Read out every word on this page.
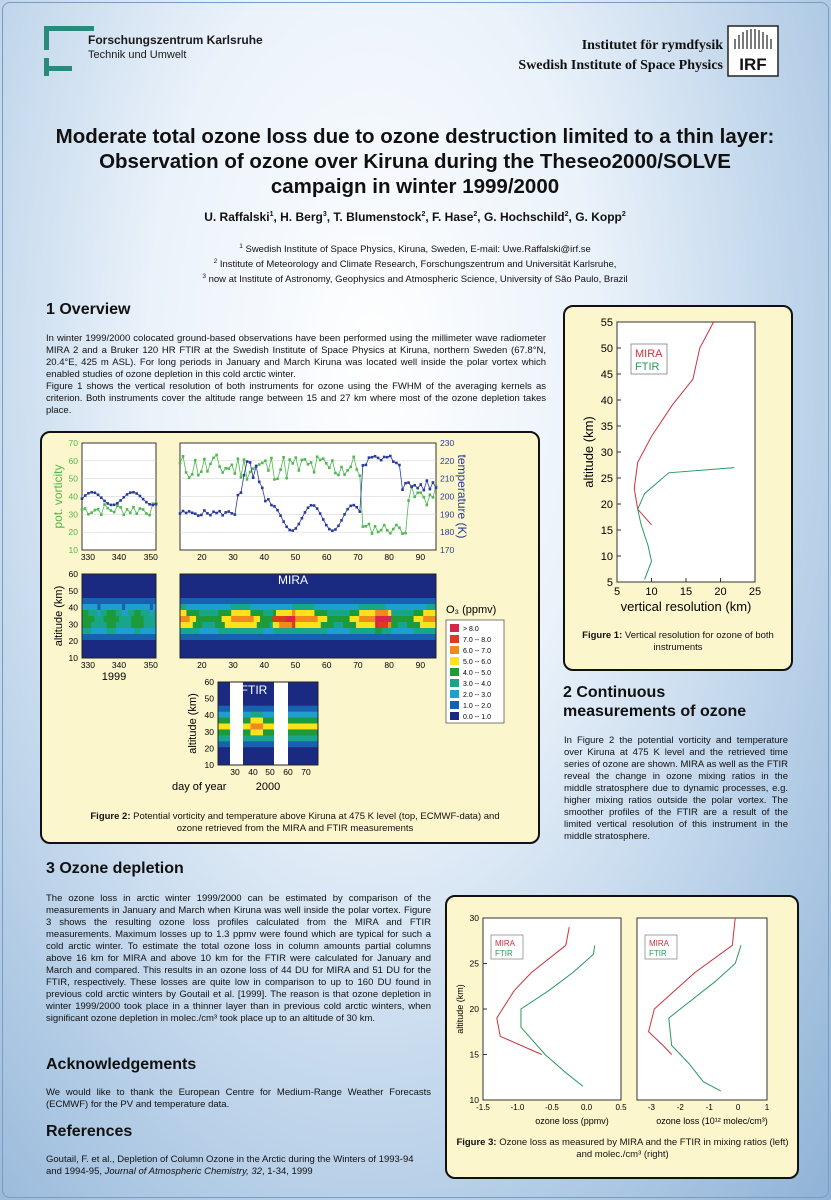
Forschungszentrum Karlsruhe
Technik und Umwelt
Institutet för rymdfysik
Swedish Institute of Space Physics IRF
Moderate total ozone loss due to ozone destruction limited to a thin layer:
Observation of ozone over Kiruna during the Theseo2000/SOLVE
campaign in winter 1999/2000
U. Raffalski$^1$, H. Berg$^3$, T. Blumenstock$^2$, F. Hase$^2$, G. Hochschild$^2$, G. Kopp$^2$
$^1$ Swedish Institute of Space Physics, Kiruna, Sweden, E-mail: Uwe.Raffalski@irf.se
$^2$ Institute of Meteorology and Climate Research, Forschungszentrum and Universität Karlsruhe,
$^3$ now at Institute of Astronomy, Geophysics and Atmospheric Science, University of São Paulo, Brazil
1 Overview
In winter 1999/2000 colocated ground-based observations have been performed using the millimeter wave radiometer MIRA 2 and a Bruker 120 HR FTIR at the Swedish Institute of Space Physics at Kiruna, northern Sweden (67.8°N, 20.4°E, 425 m ASL). For long periods in January and March Kiruna was located well inside the polar vortex which enabled studies of ozone depletion in this cold arctic winter.
Figure 1 shows the vertical resolution of both instruments for ozone using the FWHM of the averaging kernels as criterion. Both instruments cover the altitude range between 15 and 27 km where most of the ozone depletion takes place.
5
10
15
20
25
30
35
40
45
50
55
5 10 15 20 25
vertical resolution (km)
altitude (km)
MIRA
FTIR
Figure 1: Vertical resolution for ozone of both instruments
70
60
50
40
30
20
10
230
220
210
200
190
180
170
pot. vorticity	temperature (K)
330 340 350	20	30	40	50	60	70	80	90
MIRA
60
50
40
30
20
10
altitude (km)
330 340 350	20	30	40	50	60	70	80	90
1999
O₃ (ppmv)
> 8.0
7.0 -- 8.0
6.0 -- 7.0
5.0 -- 6.0
4.0 -- 5.0
3.0 -- 4.0
2.0 -- 3.0
1.0 -- 2.0
0.0 -- 1.0
FTIR
60
50
40
30
20
10
altitude (km)
30 40 50 60 70
day of year	2000
Figure 2: Potential vorticity and temperature above Kiruna at 475 K level (top, ECMWF-data) and ozone retrieved from the MIRA and FTIR measurements
2 Continuous
measurements of ozone
In Figure 2 the potential vorticity and temperature over Kiruna at 475 K level and the retrieved time series of ozone are shown. MIRA as well as the FTIR reveal the change in ozone mixing ratios in the middle stratosphere due to dynamic processes, e.g. higher mixing ratios outside the polar vortex. The smoother profiles of the FTIR are a result of the limited vertical resolution of this instrument in the middle stratosphere.
3 Ozone depletion
The ozone loss in arctic winter 1999/2000 can be estimated by comparison of the measurements in January and March when Kiruna was well inside the polar vortex. Figure 3 shows the resulting ozone loss profiles calculated from the MIRA and FTIR measurements. Maximum losses up to 1.3 ppmv were found which are typical for such a cold arctic winter. To estimate the total ozone loss in column amounts partial columns above 16 km for MIRA and above 10 km for the FTIR were calculated for January and March and compared. This results in an ozone loss of 44 DU for MIRA and 51 DU for the FTIR, respectively. These losses are quite low in comparison to up to 160 DU found in previous cold arctic winters by Goutail et al. [1999]. The reason is that ozone depletion in winter 1999/2000 took place in a thinner layer than in previous cold arctic winters, when significant ozone depletion in molec./cm³ took place up to an altitude of 30 km.
Acknowledgements
We would like to thank the European Centre for Medium-Range Weather Forecasts (ECMWF) for the PV and temperature data.
References
Goutail, F. et al., Depletion of Column Ozone in the Arctic during the Winters of 1993-94 and 1994-95, Journal of Atmospheric Chemistry, 32, 1-34, 1999
30
25
20
15
10
altitude (km)
-1.5	-1.0	-0.5	0.0	0.5	-3	-2	-1	0	1
ozone loss (ppmv)	ozone loss (10¹² molec/cm³)
MIRA
FTIR
MIRA
FTIR
Figure 3: Ozone loss as measured by MIRA and the FTIR in mixing ratios (left) and molec./cm³ (right)
